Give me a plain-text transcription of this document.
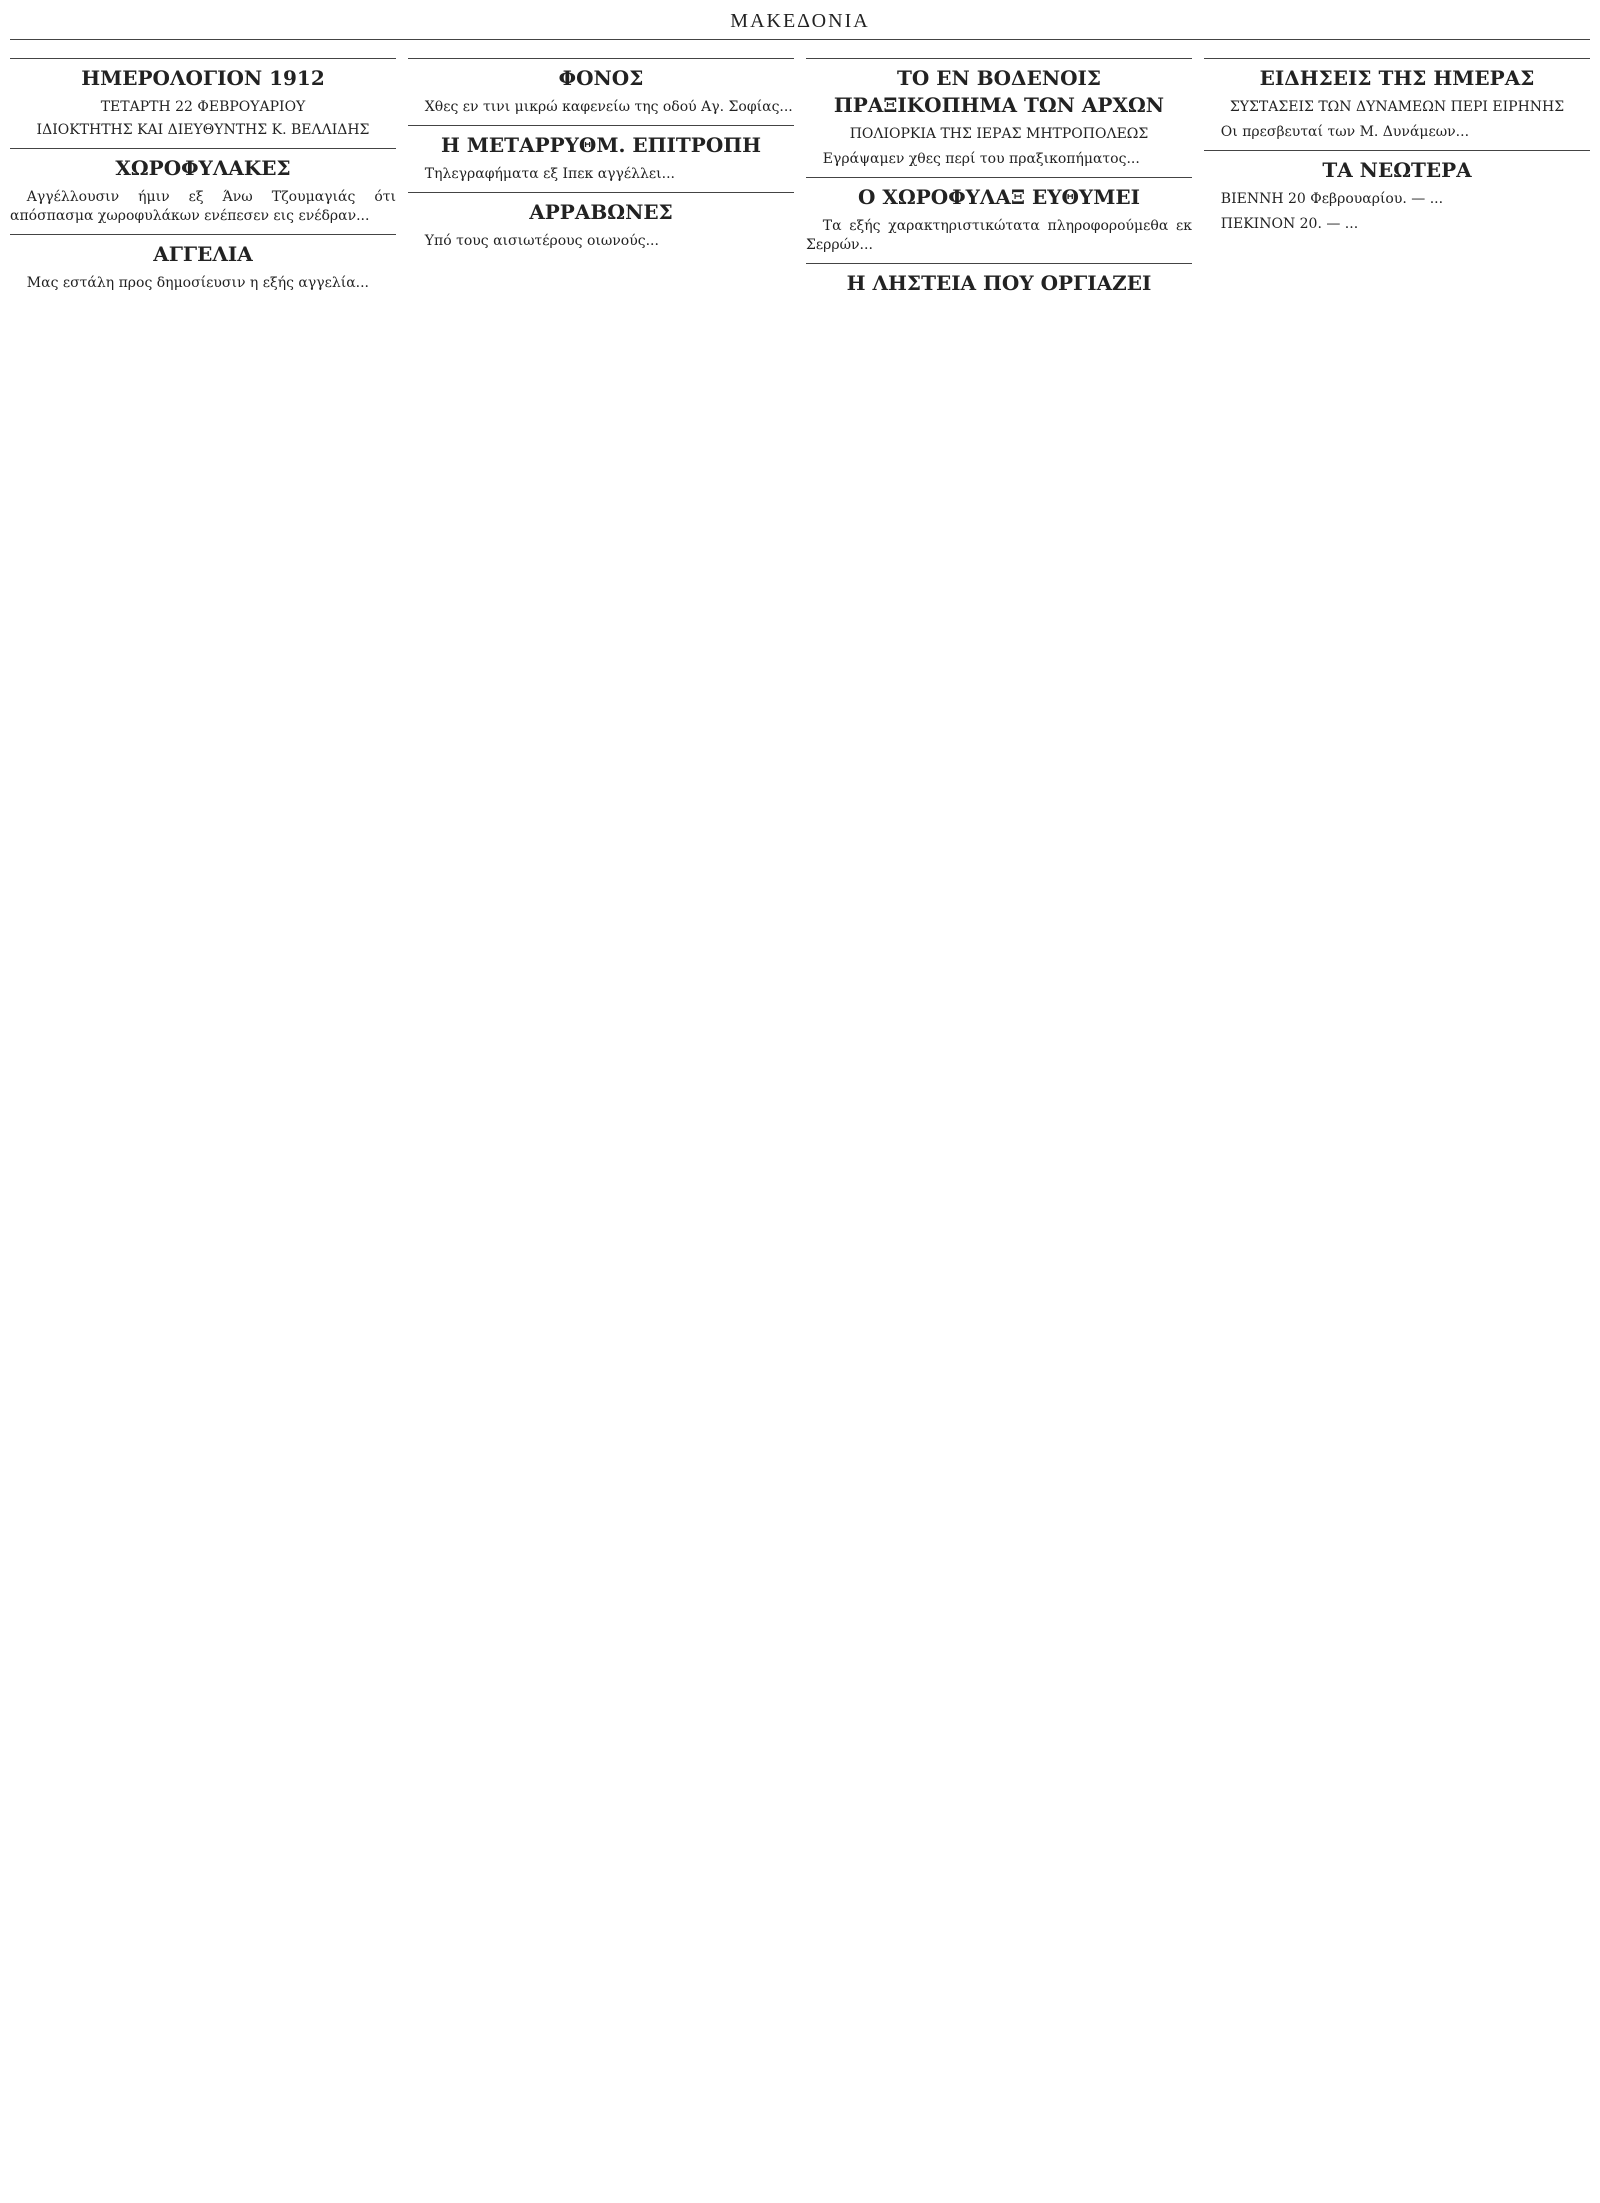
ΜΑΚΕΔΟΝΙΑ
ΗΜΕΡΟΛΟΓΙΟΝ 1912
ΤΕΤΑΡΤΗ 22 ΦΕΒΡΟΥΑΡΙΟΥ
ΙΔΙΟΚΤΗΤΗΣ ΚΑΙ ΔΙΕΥΘΥΝΤΗΣ Κ. ΒΕΛΛΙΔΗΣ
ΧΩΡΟΦΥΛΑΚΕΣ

Αγγέλλουσιν ήμιν εξ Άνω Τζουμαγιάς ότι απόσπασμα χωροφυλάκων ενέπεσεν εις ενέδραν...

ΑΓΓΕΛΙΑ

Μας εστάλη προς δημοσίευσιν η εξής αγγελία...

ΦΟΝΟΣ

Χθες εν τινι μικρώ καφενείω της οδού Αγ. Σοφίας...

Η ΜΕΤΑΡΡΥΘΜ. ΕΠΙΤΡΟΠΗ

Τηλεγραφήματα εξ Ιπεκ αγγέλλει...

ΑΡΡΑΒΩΝΕΣ

Υπό τους αισιωτέρους οιωνούς...

ΤΟ ΕΝ ΒΟΔΕΝΟΙΣ ΠΡΑΞΙΚΟΠΗΜΑ ΤΩΝ ΑΡΧΩΝ
ΠΟΛΙΟΡΚΙΑ ΤΗΣ ΙΕΡΑΣ ΜΗΤΡΟΠΟΛΕΩΣ

Εγράψαμεν χθες περί του πραξικοπήματος...

Ο ΧΩΡΟΦΥΛΑΞ ΕΥΘΥΜΕΙ

Τα εξής χαρακτηριστικώτατα πληροφορούμεθα εκ Σερρών...

Η ΛΗΣΤΕΙΑ ΠΟΥ ΟΡΓΙΑΖΕΙ
ΕΙΔΗΣΕΙΣ ΤΗΣ ΗΜΕΡΑΣ
ΣΥΣΤΑΣΕΙΣ ΤΩΝ ΔΥΝΑΜΕΩΝ ΠΕΡΙ ΕΙΡΗΝΗΣ

Οι πρεσβευταί των Μ. Δυνάμεων...

ΤΑ ΝΕΩΤΕΡΑ

ΒΙΕΝΝΗ 20 Φεβρουαρίου. — ...

ΠΕΚΙΝΟΝ 20. — ...
